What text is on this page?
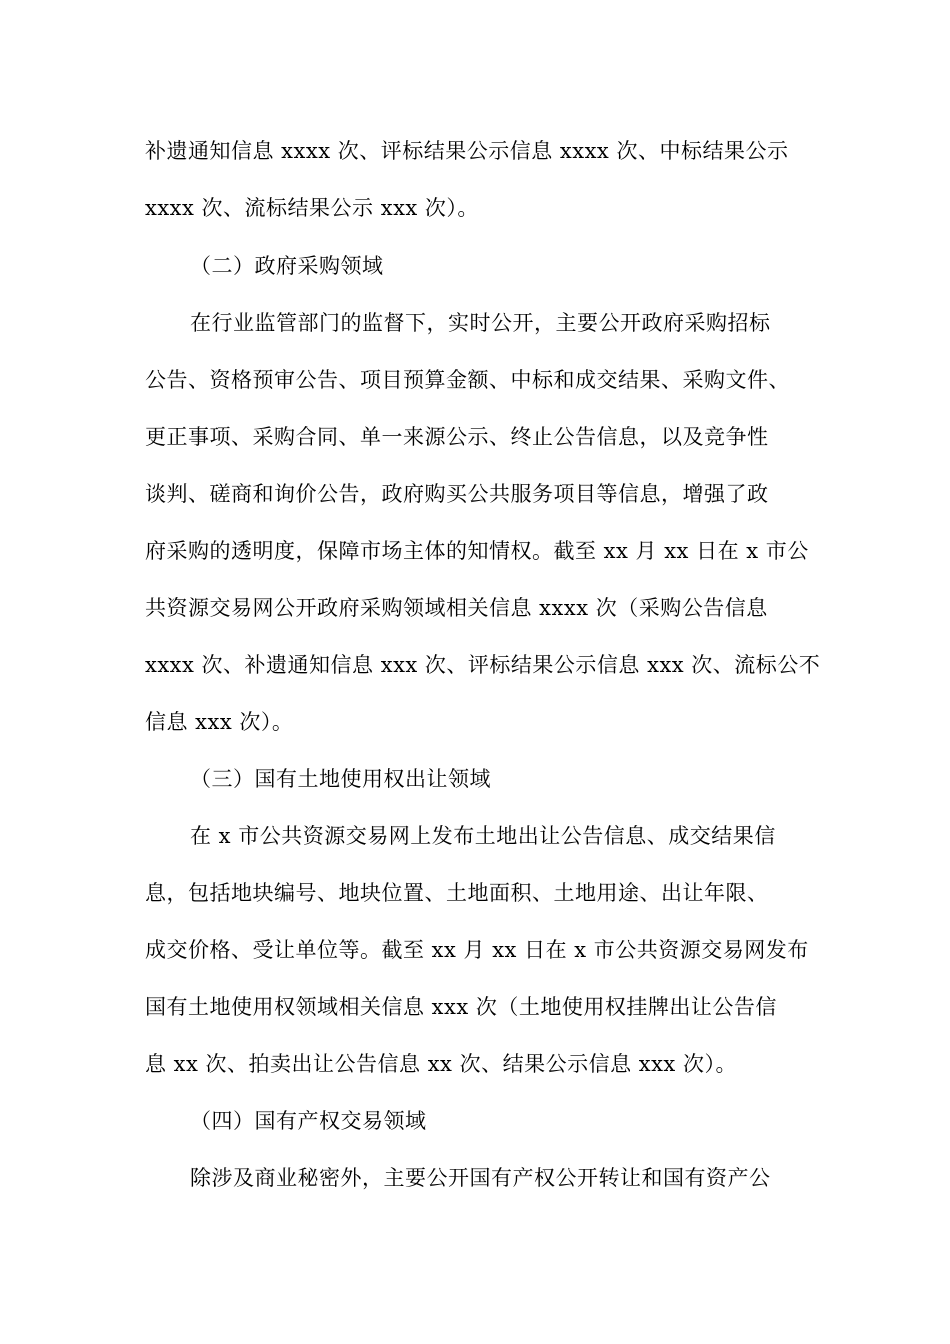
补遗通知信息 xxxx 次、评标结果公示信息 xxxx 次、中标结果公示
xxxx 次、流标结果公示 xxx 次）。
（二）政府采购领域
在行业监管部门的监督下，实时公开，主要公开政府采购招标
公告、资格预审公告、项目预算金额、中标和成交结果、采购文件、
更正事项、采购合同、单一来源公示、终止公告信息，以及竞争性
谈判、磋商和询价公告，政府购买公共服务项目等信息，增强了政
府采购的透明度，保障市场主体的知情权。截至 xx 月 xx 日在 x 市公
共资源交易网公开政府采购领域相关信息 xxxx 次（采购公告信息
xxxx 次、补遗通知信息 xxx 次、评标结果公示信息 xxx 次、流标公不
信息 xxx 次）。
（三）国有土地使用权出让领域
在 x 市公共资源交易网上发布土地出让公告信息、成交结果信
息，包括地块编号、地块位置、土地面积、土地用途、出让年限、
成交价格、受让单位等。截至 xx 月 xx 日在 x 市公共资源交易网发布
国有土地使用权领域相关信息 xxx 次（土地使用权挂牌出让公告信
息 xx 次、拍卖出让公告信息 xx 次、结果公示信息 xxx 次）。
（四）国有产权交易领域
除涉及商业秘密外，主要公开国有产权公开转让和国有资产公
